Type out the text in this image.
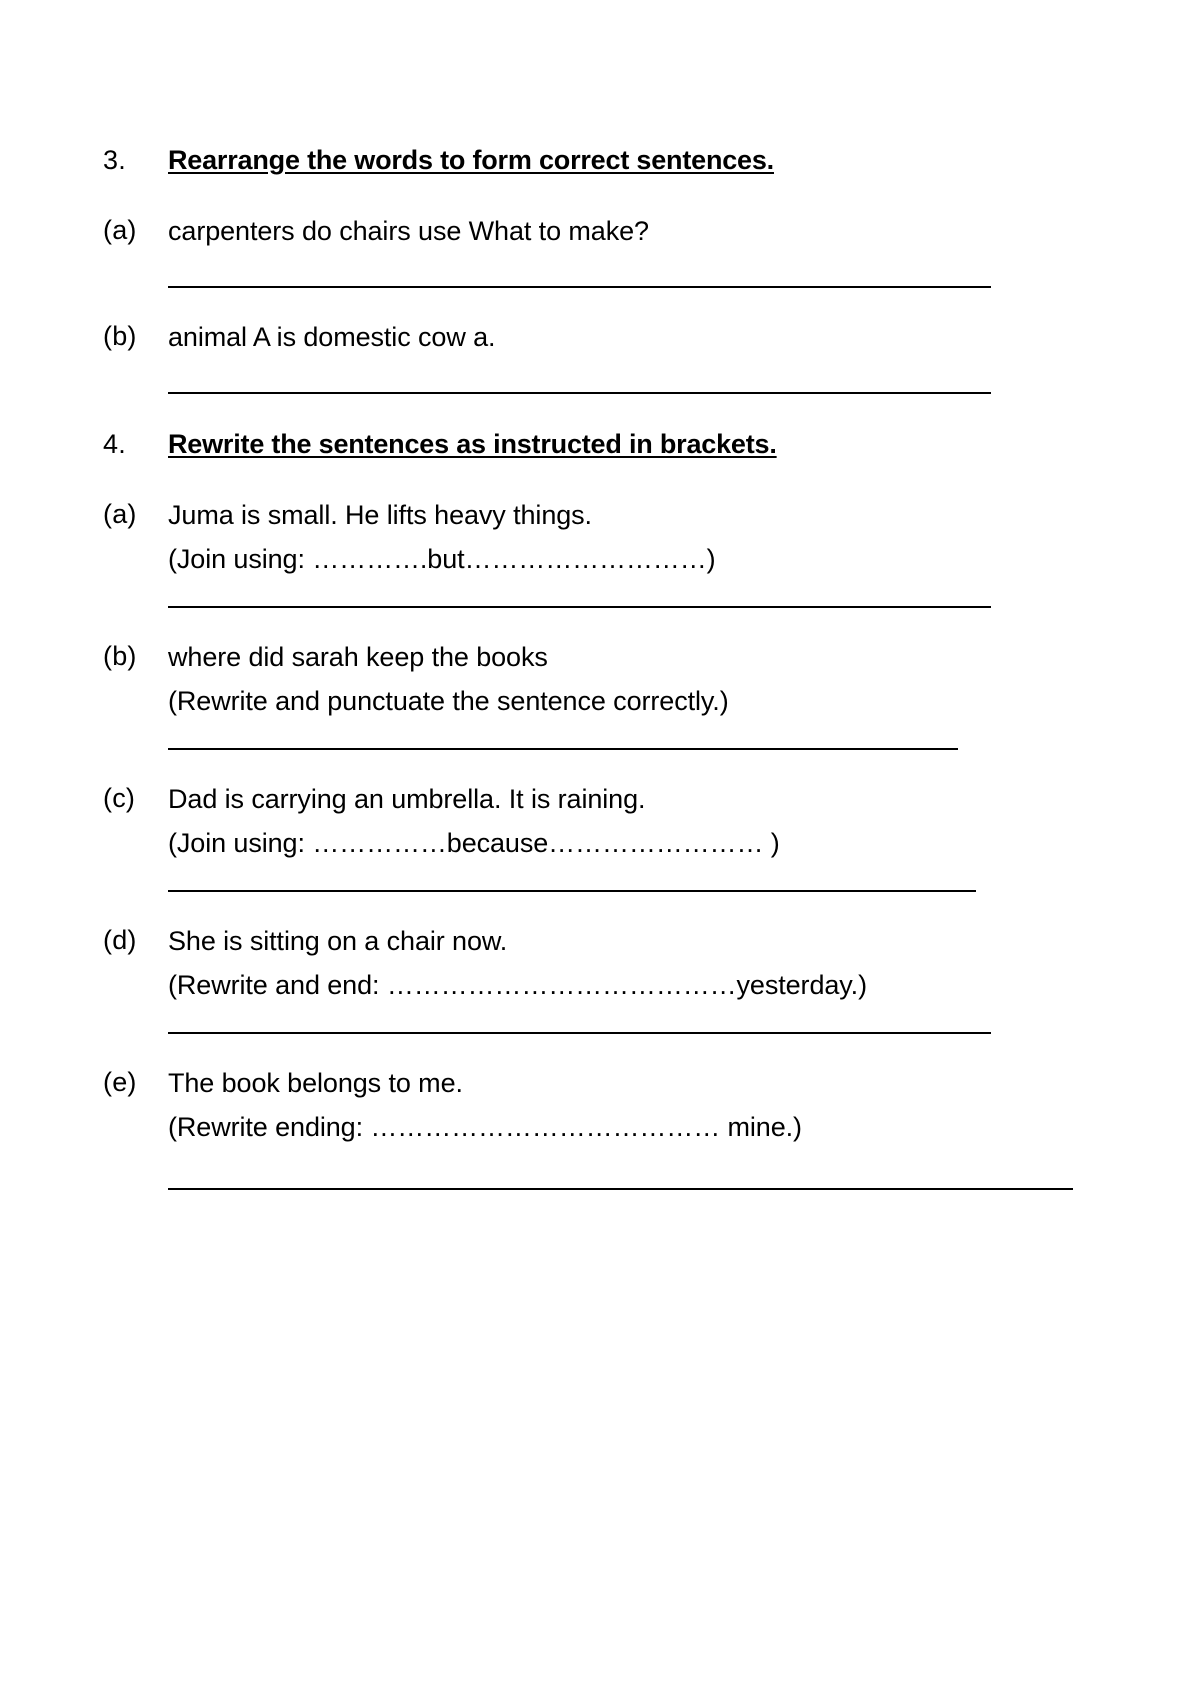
3.	Rearrange the words to form correct sentences.
(a)	carpenters do chairs use What to make?
(b)	animal A is domestic cow a.
4.	Rewrite the sentences as instructed in brackets.
(a)	Juma is small. He lifts heavy things.
(Join using: ………….but………………………)
(b)	where did sarah keep the books
(Rewrite and punctuate the sentence correctly.)
(c)	Dad is carrying an umbrella. It is raining.
(Join using: ……………because…………………… )
(d)	She is sitting on a chair now.
(Rewrite and end: …………………………………yesterday.)
(e)	The book belongs to me.
(Rewrite ending: ………………………………… mine.)
